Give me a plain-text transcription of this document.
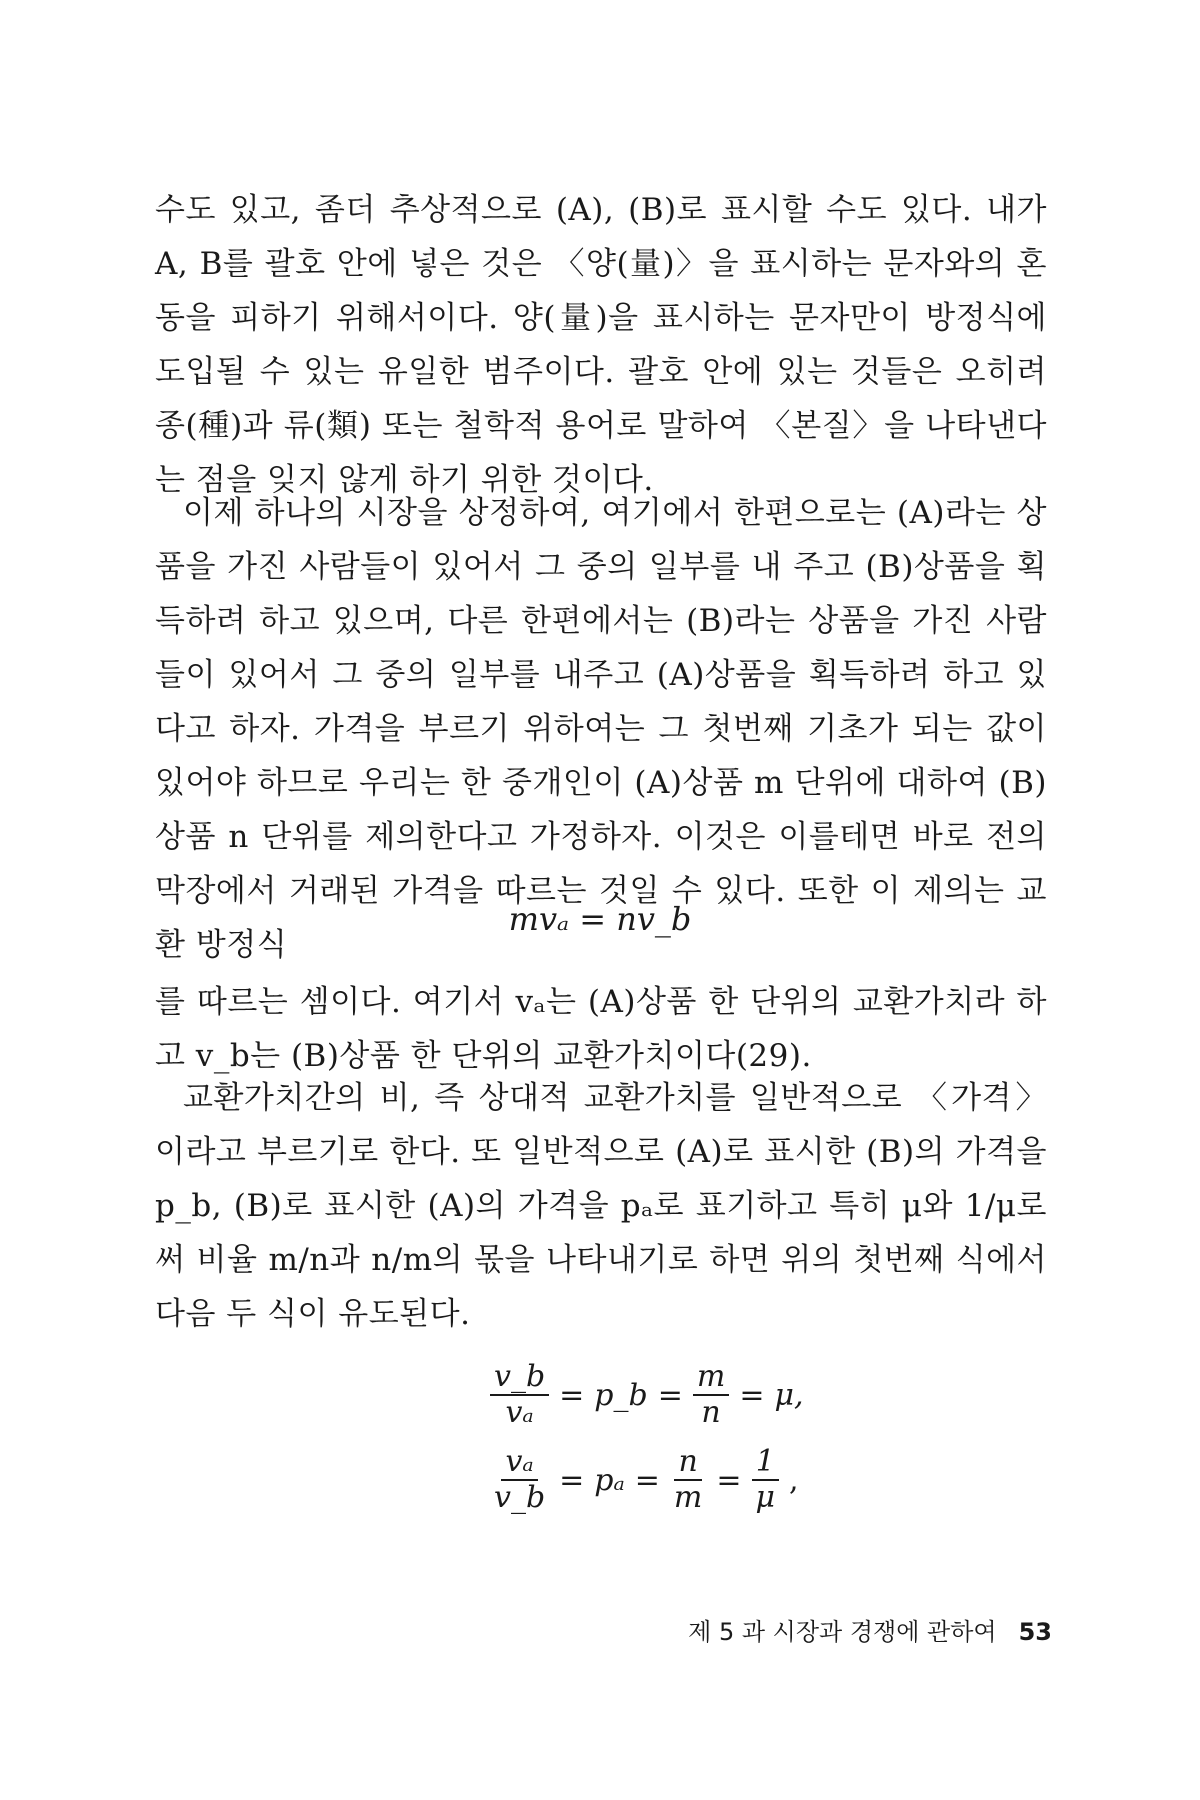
수도 있고, 좀더 추상적으로 (A), (B)로 표시할 수도 있다. 내가 A, B를 괄호 안에 넣은 것은 〈양(量)〉을 표시하는 문자와의 혼동을 피하기 위해서이다. 양(量)을 표시하는 문자만이 방정식에 도입될 수 있는 유일한 범주이다. 괄호 안에 있는 것들은 오히려 종(種)과 류(類) 또는 철학적 용어로 말하여 〈본질〉을 나타낸다는 점을 잊지 않게 하기 위한 것이다.

이제 하나의 시장을 상정하여, 여기에서 한편으로는 (A)라는 상품을 가진 사람들이 있어서 그 중의 일부를 내 주고 (B)상품을 획득하려 하고 있으며, 다른 한편에서는 (B)라는 상품을 가진 사람들이 있어서 그 중의 일부를 내주고 (A)상품을 획득하려 하고 있다고 하자. 가격을 부르기 위하여는 그 첫번째 기초가 되는 값이 있어야 하므로 우리는 한 중개인이 (A)상품 m 단위에 대하여 (B)상품 n 단위를 제의한다고 가정하자. 이것은 이를테면 바로 전의 막장에서 거래된 가격을 따르는 것일 수 있다. 또한 이 제의는 교환 방정식

mvₐ = nv_b

를 따르는 셈이다. 여기서 vₐ는 (A)상품 한 단위의 교환가치라 하고 v_b는 (B)상품 한 단위의 교환가치이다(29).

교환가치간의 비, 즉 상대적 교환가치를 일반적으로 〈가격〉이라고 부르기로 한다. 또 일반적으로 (A)로 표시한 (B)의 가격을 p_b, (B)로 표시한 (A)의 가격을 pₐ로 표기하고 특히 μ와 1/μ로써 비율 m/n과 n/m의 몫을 나타내기로 하면 위의 첫번째 식에서 다음 두 식이 유도된다.

$\frac{v\_b}{\text{vₐ}}$ = p_b = $\frac{m}{n} = \mu$,
$\frac{\text{vₐ}}{v\_b} = p_a = \frac{n}{m} = \frac{1}{\mu}$ ,
제 5 과 시장과 경쟁에 관하여 53
